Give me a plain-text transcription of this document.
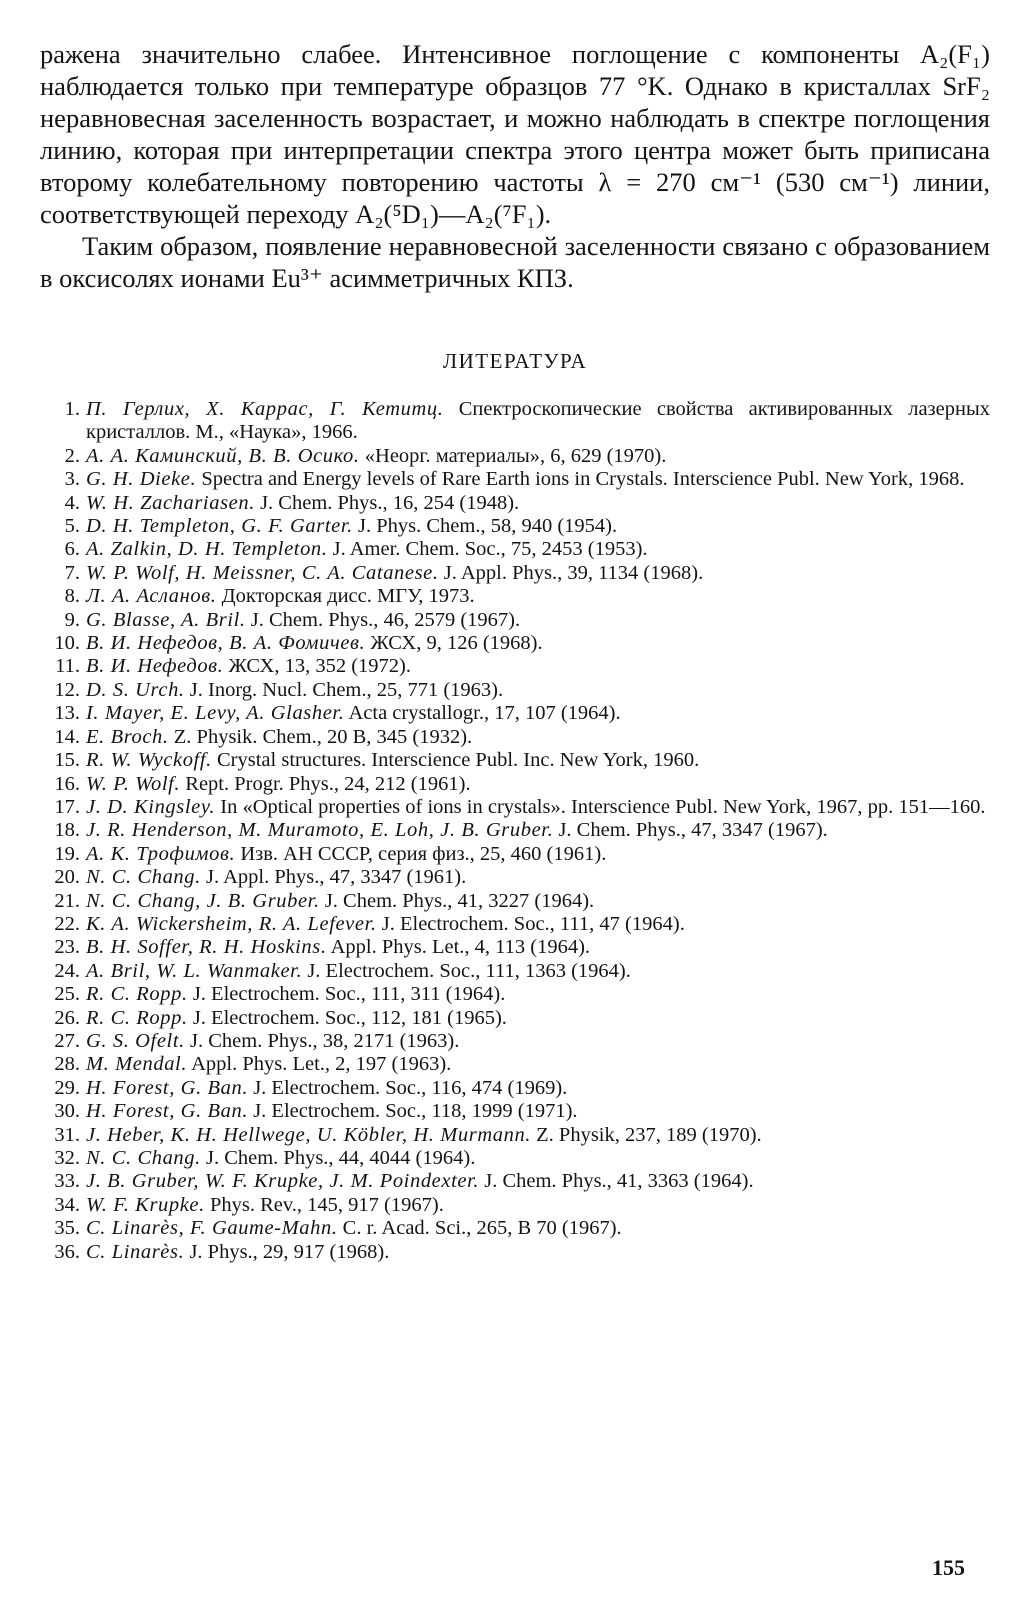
ражена значительно слабее. Интенсивное поглощение с компоненты A₂(F₁) наблюдается только при температуре образцов 77 °K. Однако в кристаллах SrF₂ неравновесная заселенность возрастает, и можно наблюдать в спектре поглощения линию, которая при интерпретации спектра этого центра может быть приписана второму колебательному повторению частоты λ = 270 см⁻¹ (530 см⁻¹) линии, соответствующей переходу A₂(⁵D₁)—A₂(⁷F₁).

Таким образом, появление неравновесной заселенности связано с образованием в оксисолях ионами Eu³⁺ асимметричных КПЗ.

ЛИТЕРАТУРА
1. П. Герлих, Х. Каррас, Г. Кетитц. Спектроскопические свойства активированных лазерных кристаллов. М., «Наука», 1966.
2. А. А. Каминский, В. В. Осико. «Неорг. материалы», 6, 629 (1970).
3. G. H. Dieke. Spectra and Energy levels of Rare Earth ions in Crystals. Interscience Publ. New York, 1968.
4. W. H. Zachariasen. J. Chem. Phys., 16, 254 (1948).
5. D. H. Templeton, G. F. Garter. J. Phys. Chem., 58, 940 (1954).
6. A. Zalkin, D. H. Templeton. J. Amer. Chem. Soc., 75, 2453 (1953).
7. W. P. Wolf, H. Meissner, C. A. Catanese. J. Appl. Phys., 39, 1134 (1968).
8. Л. А. Асланов. Докторская дисс. МГУ, 1973.
9. G. Blasse, A. Bril. J. Chem. Phys., 46, 2579 (1967).
10. В. И. Нефедов, В. А. Фомичев. ЖСХ, 9, 126 (1968).
11. В. И. Нефедов. ЖСХ, 13, 352 (1972).
12. D. S. Urch. J. Inorg. Nucl. Chem., 25, 771 (1963).
13. I. Mayer, E. Levy, A. Glasher. Acta crystallogr., 17, 107 (1964).
14. E. Broch. Z. Physik. Chem., 20 B, 345 (1932).
15. R. W. Wyckoff. Crystal structures. Interscience Publ. Inc. New York, 1960.
16. W. P. Wolf. Rept. Progr. Phys., 24, 212 (1961).
17. J. D. Kingsley. In «Optical properties of ions in crystals». Interscience Publ. New York, 1967, pp. 151—160.
18. J. R. Henderson, M. Muramoto, E. Loh, J. B. Gruber. J. Chem. Phys., 47, 3347 (1967).
19. А. К. Трофимов. Изв. АН СССР, серия физ., 25, 460 (1961).
20. N. C. Chang. J. Appl. Phys., 47, 3347 (1961).
21. N. C. Chang, J. B. Gruber. J. Chem. Phys., 41, 3227 (1964).
22. K. A. Wickersheim, R. A. Lefever. J. Electrochem. Soc., 111, 47 (1964).
23. B. H. Soffer, R. H. Hoskins. Appl. Phys. Let., 4, 113 (1964).
24. A. Bril, W. L. Wanmaker. J. Electrochem. Soc., 111, 1363 (1964).
25. R. C. Ropp. J. Electrochem. Soc., 111, 311 (1964).
26. R. C. Ropp. J. Electrochem. Soc., 112, 181 (1965).
27. G. S. Ofelt. J. Chem. Phys., 38, 2171 (1963).
28. M. Mendal. Appl. Phys. Let., 2, 197 (1963).
29. H. Forest, G. Ban. J. Electrochem. Soc., 116, 474 (1969).
30. H. Forest, G. Ban. J. Electrochem. Soc., 118, 1999 (1971).
31. J. Heber, K. H. Hellwege, U. Köbler, H. Murmann. Z. Physik, 237, 189 (1970).
32. N. C. Chang. J. Chem. Phys., 44, 4044 (1964).
33. J. B. Gruber, W. F. Krupke, J. M. Poindexter. J. Chem. Phys., 41, 3363 (1964).
34. W. F. Krupke. Phys. Rev., 145, 917 (1967).
35. C. Linarès, F. Gaume-Mahn. C. r. Acad. Sci., 265, B 70 (1967).
36. C. Linarès. J. Phys., 29, 917 (1968).
155
